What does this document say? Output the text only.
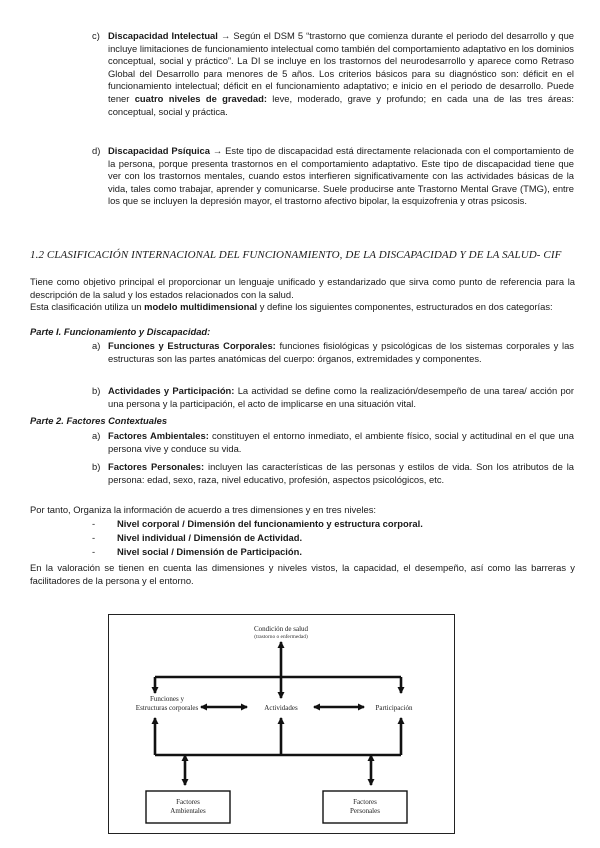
c) Discapacidad Intelectual → Según el DSM 5 “trastorno que comienza durante el periodo del desarrollo y que incluye limitaciones de funcionamiento intelectual como también del comportamiento adaptativo en los dominios conceptual, social y práctico”. La DI se incluye en los trastornos del neurodesarrollo y aparece como Retraso Global del Desarrollo para menores de 5 años. Los criterios básicos para su diagnóstico son: déficit en el funcionamiento intelectual; déficit en el funcionamiento adaptativo; e inicio en el periodo de desarrollo. Puede tener cuatro niveles de gravedad: leve, moderado, grave y profundo; en cada una de las tres áreas: conceptual, social y práctica.

d) Discapacidad Psíquica → Este tipo de discapacidad está directamente relacionada con el comportamiento de la persona, porque presenta trastornos en el comportamiento adaptativo. Este tipo de discapacidad tiene que ver con los trastornos mentales, cuando estos interfieren significativamente con las actividades básicas de la vida, tales como trabajar, aprender y comunicarse. Suele producirse ante Trastorno Mental Grave (TMG), entre los que se incluyen la depresión mayor, el trastorno afectivo bipolar, la esquizofrenia y otras psicosis.

1.2 CLASIFICACIÓN INTERNACIONAL DEL FUNCIONAMIENTO, DE LA DISCAPACIDAD Y DE LA SALUD- CIF

Tiene como objetivo principal el proporcionar un lenguaje unificado y estandarizado que sirva como punto de referencia para la descripción de la salud y los estados relacionados con la salud.

Esta clasificación utiliza un modelo multidimensional y define los siguientes componentes, estructurados en dos categorías:

Parte I. Funcionamiento y Discapacidad:
a) Funciones y Estructuras Corporales: funciones fisiológicas y psicológicas de los sistemas corporales y las estructuras son las partes anatómicas del cuerpo: órganos, extremidades y componentes.

b) Actividades y Participación: La actividad se define como la realización/desempeño de una tarea/ acción por una persona y la participación, el acto de implicarse en una situación vital.

Parte 2. Factores Contextuales
a) Factores Ambientales: constituyen el entorno inmediato, el ambiente físico, social y actitudinal en el que una persona vive y conduce su vida.

b) Factores Personales: incluyen las características de las personas y estilos de vida. Son los atributos de la persona: edad, sexo, raza, nivel educativo, profesión, aspectos psicológicos, etc.

Por tanto, Organiza la información de acuerdo a tres dimensiones y en tres niveles:

- Nivel corporal / Dimensión del funcionamiento y estructura corporal.
- Nivel individual / Dimensión de Actividad.
- Nivel social / Dimensión de Participación.

En la valoración se tienen en cuenta las dimensiones y niveles vistos, la capacidad, el desempeño, así como las barreras y facilitadores de la persona y el entorno.

Condición de salud
(trastorno o enfermedad)
Funciones y
Estructuras corporales	Actividades	Participación
Factores
Ambientales
Factores
Personales
